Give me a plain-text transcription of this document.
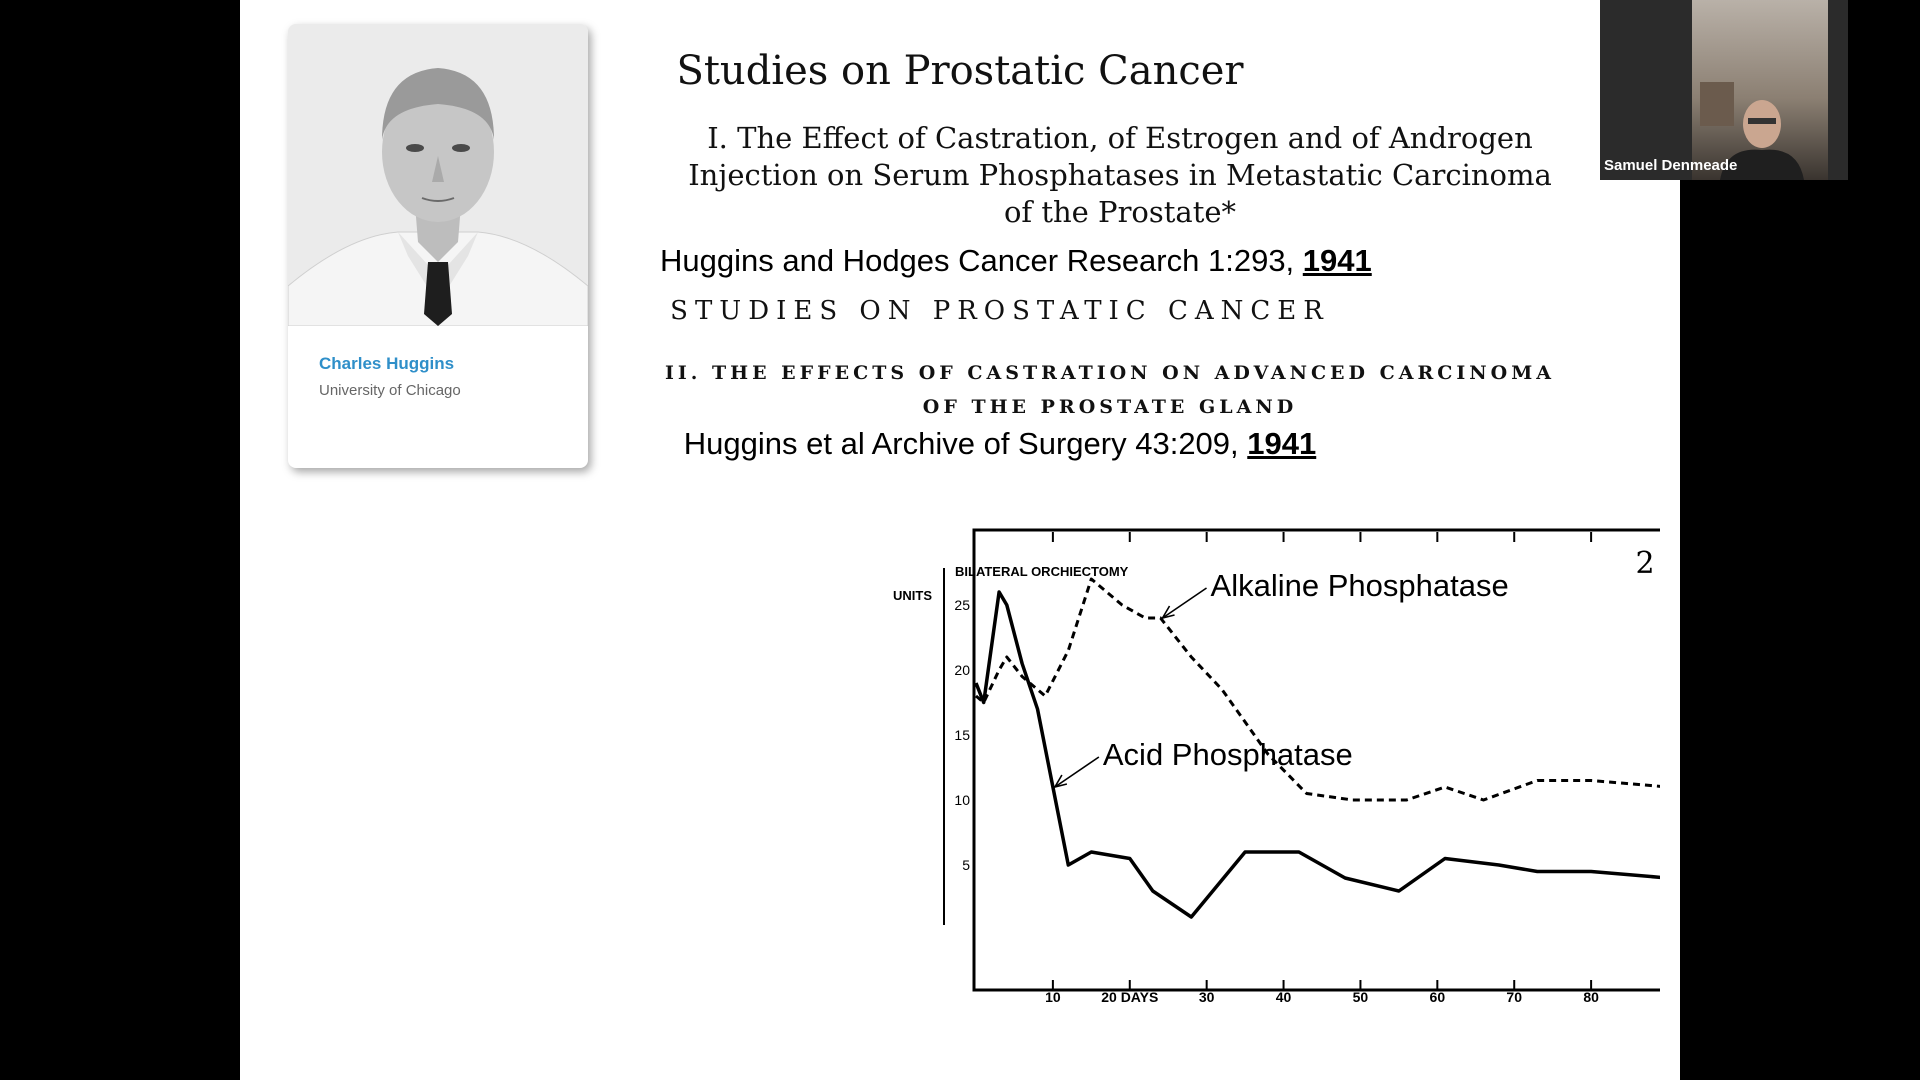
Charles Huggins
University of Chicago
Studies on Prostatic Cancer
I. The Effect of Castration, of Estrogen and of Androgen Injection on Serum Phosphatases in Metastatic Carcinoma of the Prostate*
Huggins and Hodges Cancer Research 1:293, 1941
STUDIES ON PROSTATIC CANCER
II. THE EFFECTS OF CASTRATION ON ADVANCED CARCINOMA OF THE PROSTATE GLAND
Huggins et al Archive of Surgery 43:209, 1941
BILATERAL ORCHIECTOMY	2
UNITS
5
10
15
20
25
10	20 DAYS	30	40	50	60	70	80
Alkaline Phosphatase
Acid Phosphatase
Samuel Denmeade
